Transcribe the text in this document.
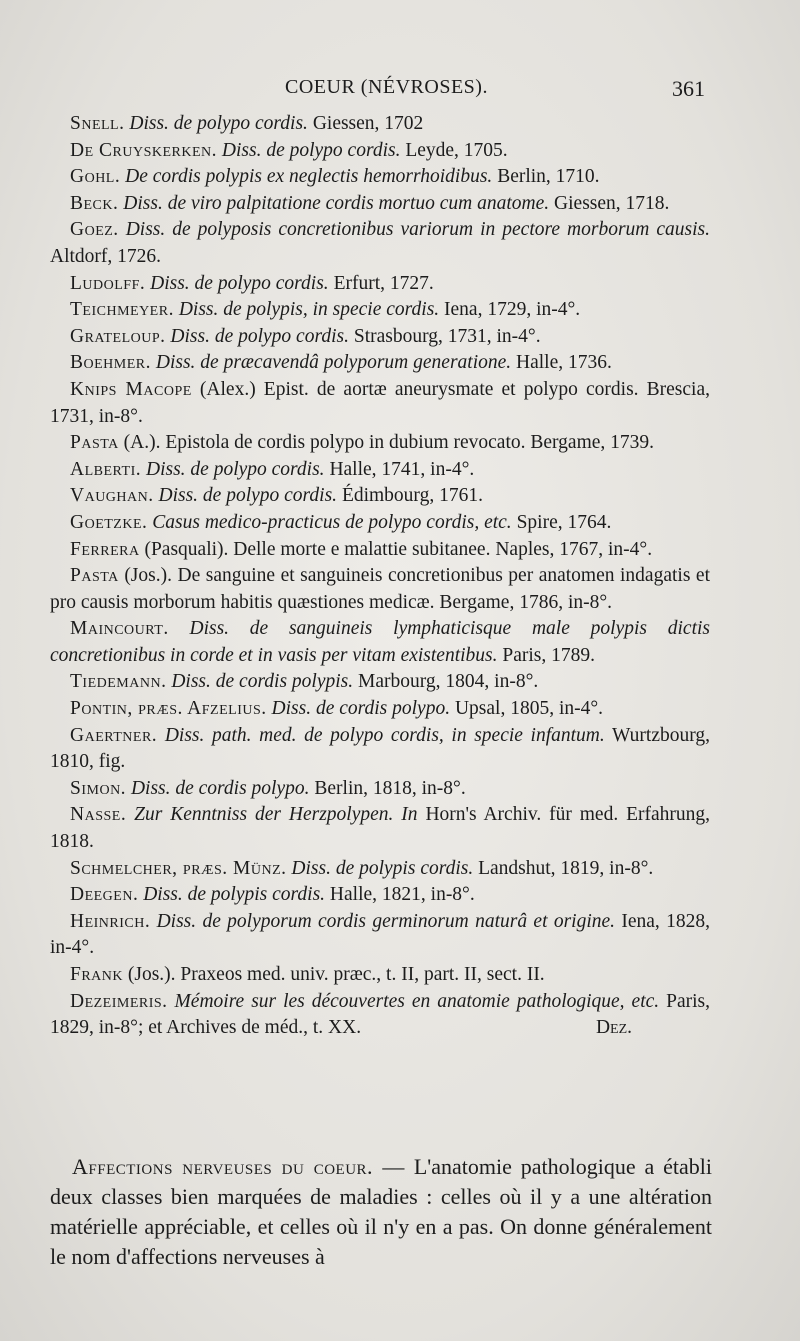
COEUR (NÉVROSES).	361

Snell. Diss. de polypo cordis. Giessen, 1702

De Cruyskerken. Diss. de polypo cordis. Leyde, 1705.

Gohl. De cordis polypis ex neglectis hemorrhoidibus. Berlin, 1710.

Beck. Diss. de viro palpitatione cordis mortuo cum anatome. Giessen, 1718.

Goez. Diss. de polyposis concretionibus variorum in pectore morborum causis. Altdorf, 1726.

Ludolff. Diss. de polypo cordis. Erfurt, 1727.

Teichmeyer. Diss. de polypis, in specie cordis. Iena, 1729, in-4°.

Grateloup. Diss. de polypo cordis. Strasbourg, 1731, in-4°.

Boehmer. Diss. de præcavendâ polyporum generatione. Halle, 1736.

Knips Macope (Alex.) Epist. de aortæ aneurysmate et polypo cordis. Brescia, 1731, in-8°.

Pasta (A.). Epistola de cordis polypo in dubium revocato. Bergame, 1739.

Alberti. Diss. de polypo cordis. Halle, 1741, in-4°.

Vaughan. Diss. de polypo cordis. Édimbourg, 1761.

Goetzke. Casus medico-practicus de polypo cordis, etc. Spire, 1764.

Ferrera (Pasquali). Delle morte e malattie subitanee. Naples, 1767, in-4°.

Pasta (Jos.). De sanguine et sanguineis concretionibus per anatomen indagatis et pro causis morborum habitis quæstiones medicæ. Bergame, 1786, in-8°.

Maincourt. Diss. de sanguineis lymphaticisque male polypis dictis concretionibus in corde et in vasis per vitam existentibus. Paris, 1789.

Tiedemann. Diss. de cordis polypis. Marbourg, 1804, in-8°.

Pontin, præs. Afzelius. Diss. de cordis polypo. Upsal, 1805, in-4°.

Gaertner. Diss. path. med. de polypo cordis, in specie infantum. Wurtzbourg, 1810, fig.

Simon. Diss. de cordis polypo. Berlin, 1818, in-8°.

Nasse. Zur Kenntniss der Herzpolypen. In Horn's Archiv. für med. Erfahrung, 1818.

Schmelcher, præs. Münz. Diss. de polypis cordis. Landshut, 1819, in-8°.

Deegen. Diss. de polypis cordis. Halle, 1821, in-8°.

Heinrich. Diss. de polyporum cordis germinorum naturâ et origine. Iena, 1828, in-4°.

Frank (Jos.). Praxeos med. univ. præc., t. II, part. II, sect. II.

Dezeimeris. Mémoire sur les découvertes en anatomie pathologique, etc. Paris, 1829, in-8°; et Archives de méd., t. XX.	Dez.

Affections nerveuses du coeur. — L'anatomie pathologique a établi deux classes bien marquées de maladies : celles où il y a une altération matérielle appréciable, et celles où il n'y en a pas. On donne généralement le nom d'affections nerveuses à
